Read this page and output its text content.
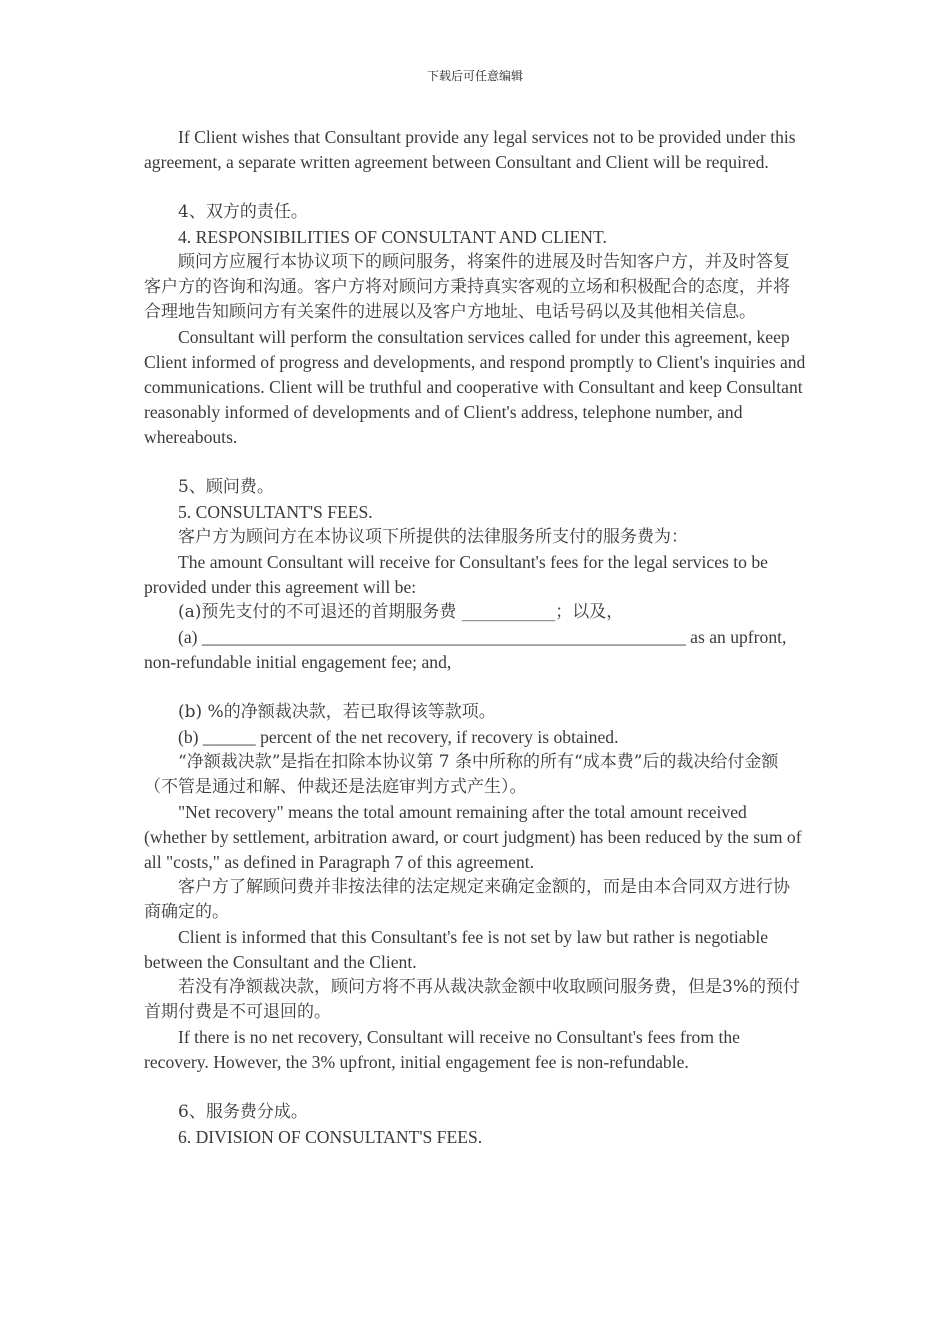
下载后可任意编辑

If Client wishes that Consultant provide any legal services not to be provided under this agreement, a separate written agreement between Consultant and Client will be required.

4、双方的责任。

4. RESPONSIBILITIES OF CONSULTANT AND CLIENT.

顾问方应履行本协议项下的顾问服务，将案件的进展及时告知客户方，并及时答复客户方的咨询和沟通。客户方将对顾问方秉持真实客观的立场和积极配合的态度，并将合理地告知顾问方有关案件的进展以及客户方地址、电话号码以及其他相关信息。

Consultant will perform the consultation services called for under this agreement, keep Client informed of progress and developments, and respond promptly to Client's inquiries and communications. Client will be truthful and cooperative with Consultant and keep Consultant reasonably informed of developments and of Client's address, telephone number, and whereabouts.

5、顾问费。

5. CONSULTANT'S FEES.

客户方为顾问方在本协议项下所提供的法律服务所支付的服务费为：

The amount Consultant will receive for Consultant's fees for the legal services to be provided under this agreement will be:

(a)预先支付的不可退还的首期服务费 ___________；以及，

(a) _______________________________________________________ as an upfront, non-refundable initial engagement fee; and,

(b) %的净额裁决款，若已取得该等款项。

(b) ______ percent of the net recovery, if recovery is obtained.

“净额裁决款”是指在扣除本协议第 7 条中所称的所有“成本费”后的裁决给付金额（不管是通过和解、仲裁还是法庭审判方式产生）。

"Net recovery" means the total amount remaining after the total amount received (whether by settlement, arbitration award, or court judgment) has been reduced by the sum of all "costs," as defined in Paragraph 7 of this agreement.

客户方了解顾问费并非按法律的法定规定来确定金额的，而是由本合同双方进行协商确定的。

Client is informed that this Consultant's fee is not set by law but rather is negotiable between the Consultant and the Client.

若没有净额裁决款，顾问方将不再从裁决款金额中收取顾问服务费，但是3%的预付首期付费是不可退回的。

If there is no net recovery, Consultant will receive no Consultant's fees from the recovery. However, the 3% upfront, initial engagement fee is non-refundable.

6、服务费分成。

6. DIVISION OF CONSULTANT'S FEES.
